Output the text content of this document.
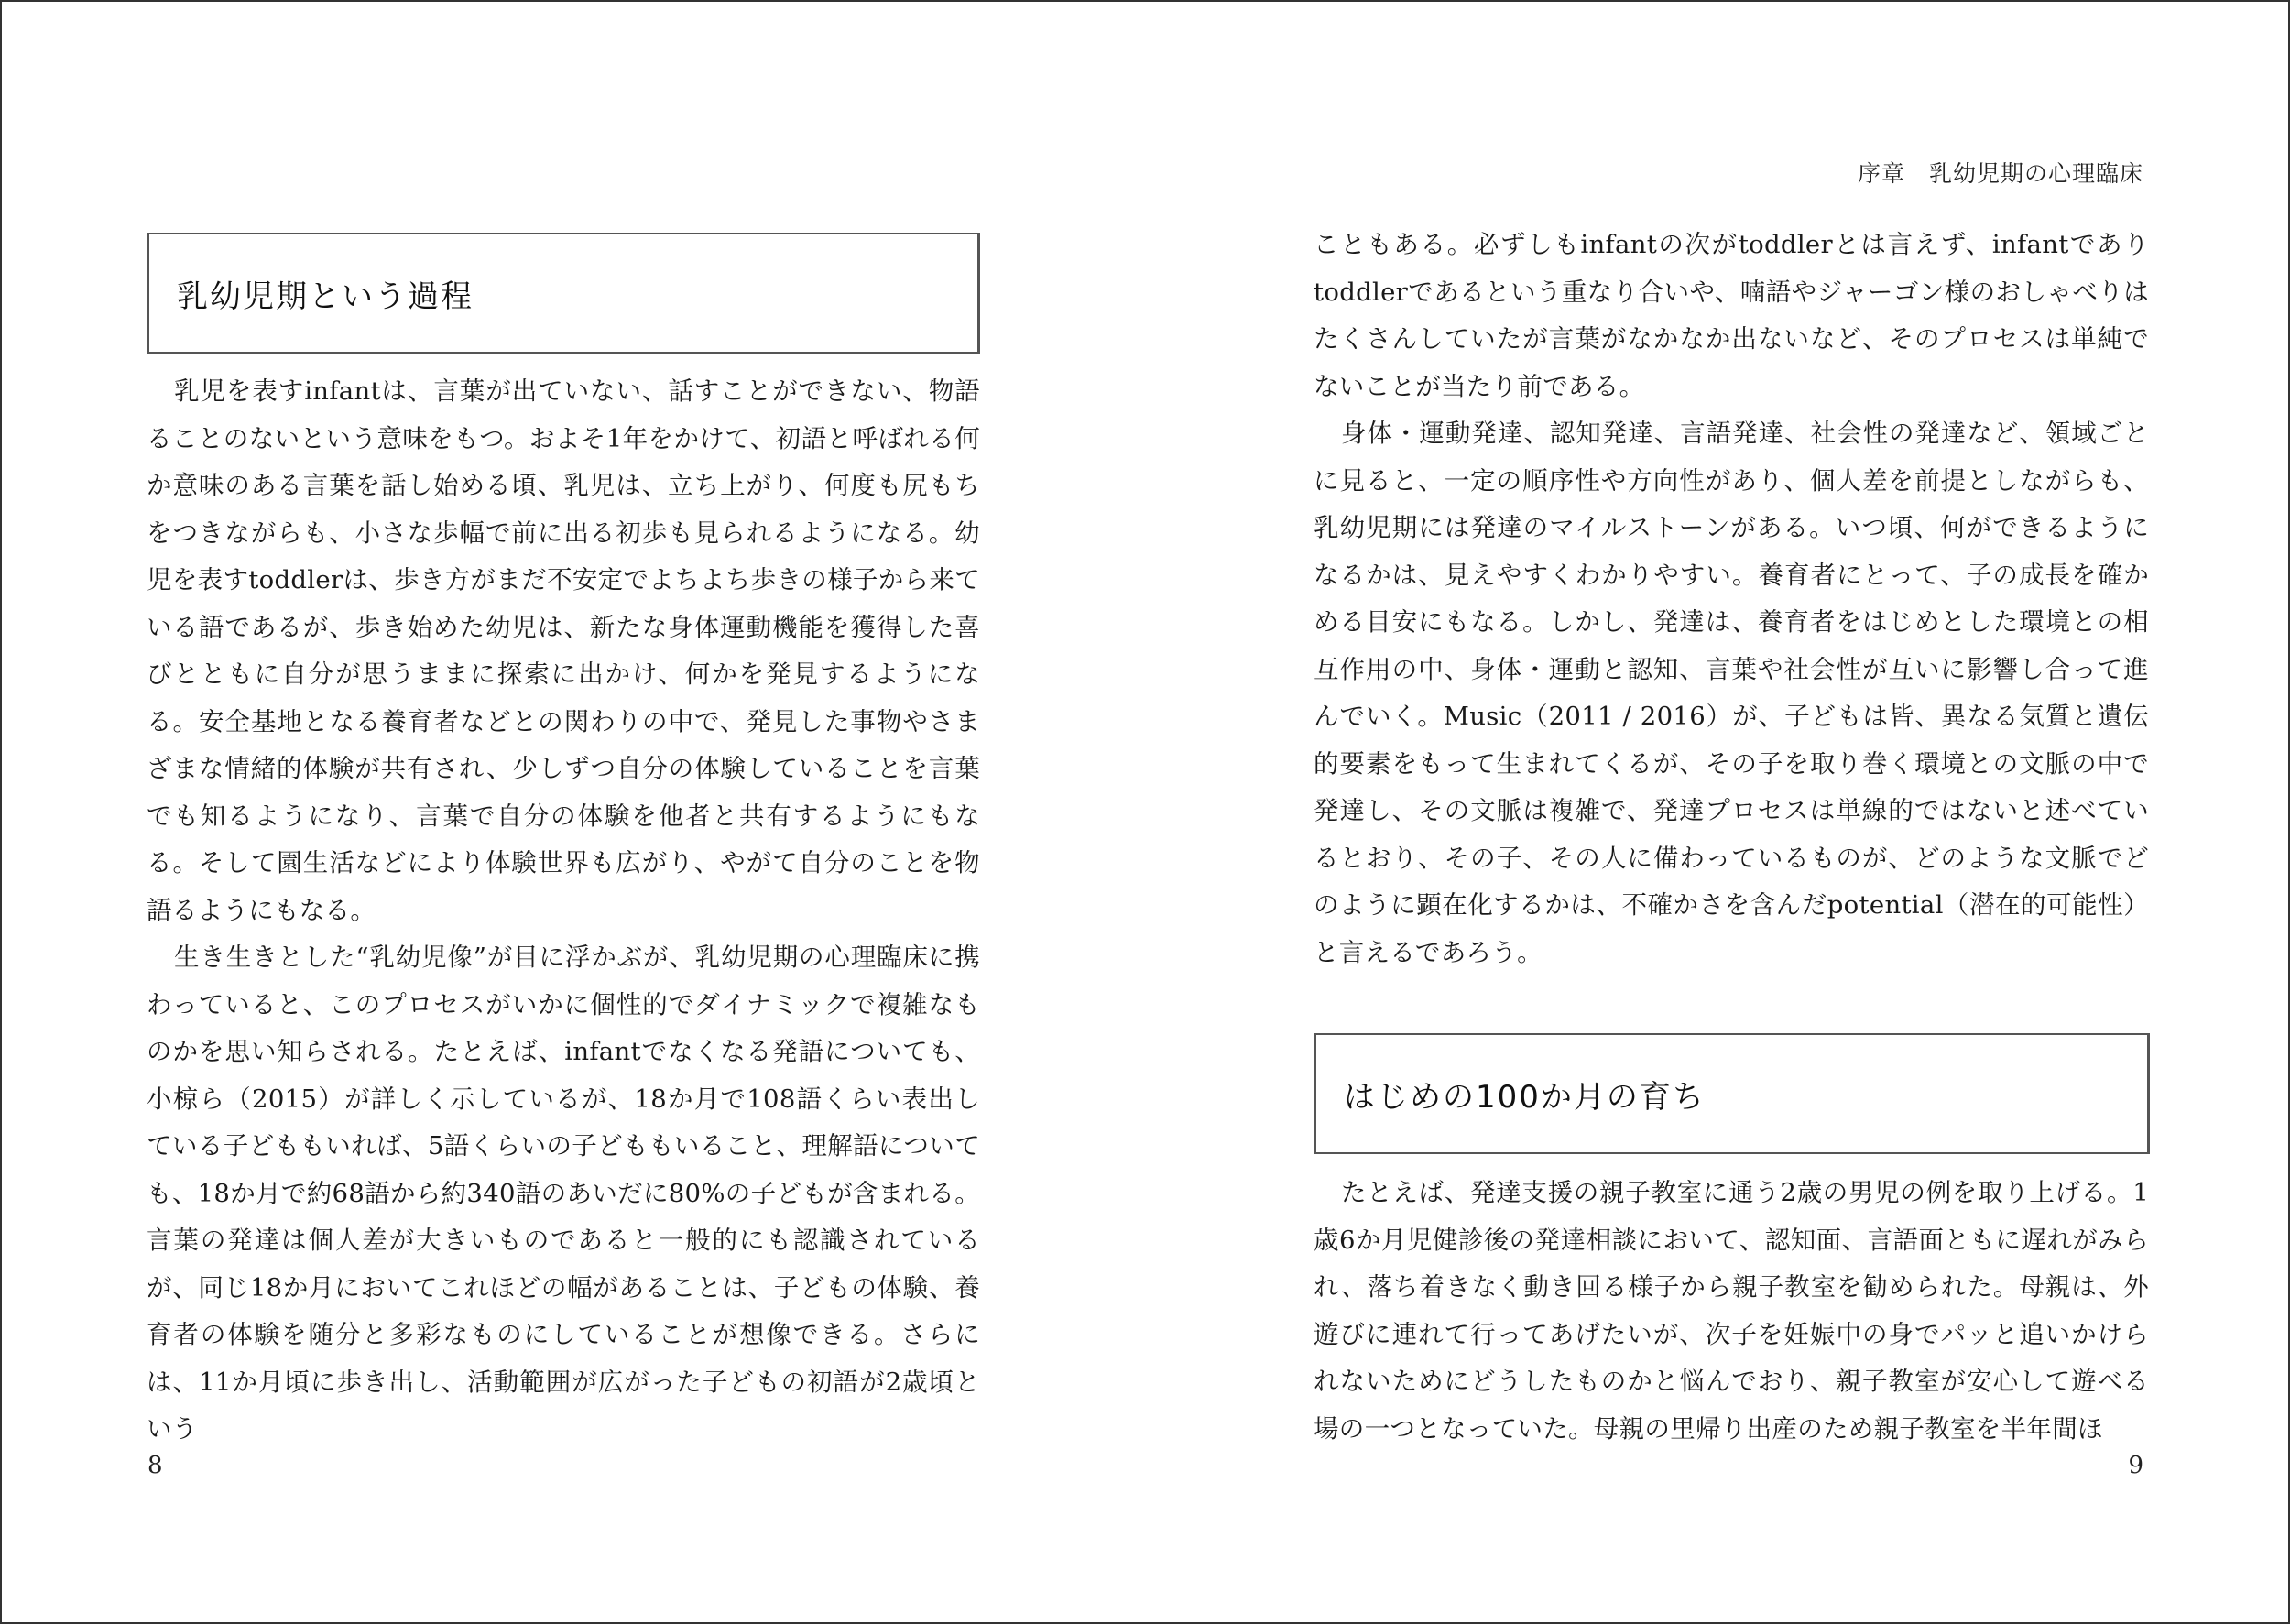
序章　乳幼児期の心理臨床
乳幼児期という過程

乳児を表すinfantは、言葉が出ていない、話すことができない、物語ることのないという意味をもつ。およそ1年をかけて、初語と呼ばれる何か意味のある言葉を話し始める頃、乳児は、立ち上がり、何度も尻もちをつきながらも、小さな歩幅で前に出る初歩も見られるようになる。幼児を表すtoddlerは、歩き方がまだ不安定でよちよち歩きの様子から来ている語であるが、歩き始めた幼児は、新たな身体運動機能を獲得した喜びとともに自分が思うままに探索に出かけ、何かを発見するようになる。安全基地となる養育者などとの関わりの中で、発見した事物やさまざまな情緒的体験が共有され、少しずつ自分の体験していることを言葉でも知るようになり、言葉で自分の体験を他者と共有するようにもなる。そして園生活などにより体験世界も広がり、やがて自分のことを物語るようにもなる。

生き生きとした“乳幼児像”が目に浮かぶが、乳幼児期の心理臨床に携わっていると、このプロセスがいかに個性的でダイナミックで複雑なものかを思い知らされる。たとえば、infantでなくなる発語についても、小椋ら（2015）が詳しく示しているが、18か月で108語くらい表出している子どももいれば、5語くらいの子どももいること、理解語についても、18か月で約68語から約340語のあいだに80%の子どもが含まれる。言葉の発達は個人差が大きいものであると一般的にも認識されているが、同じ18か月においてこれほどの幅があることは、子どもの体験、養育者の体験を随分と多彩なものにしていることが想像できる。さらには、11か月頃に歩き出し、活動範囲が広がった子どもの初語が2歳頃という

こともある。必ずしもinfantの次がtoddlerとは言えず、infantでありtoddlerであるという重なり合いや、喃語やジャーゴン様のおしゃべりはたくさんしていたが言葉がなかなか出ないなど、そのプロセスは単純でないことが当たり前である。

身体・運動発達、認知発達、言語発達、社会性の発達など、領域ごとに見ると、一定の順序性や方向性があり、個人差を前提としながらも、乳幼児期には発達のマイルストーンがある。いつ頃、何ができるようになるかは、見えやすくわかりやすい。養育者にとって、子の成長を確かめる目安にもなる。しかし、発達は、養育者をはじめとした環境との相互作用の中、身体・運動と認知、言葉や社会性が互いに影響し合って進んでいく。Music（2011 / 2016）が、子どもは皆、異なる気質と遺伝的要素をもって生まれてくるが、その子を取り巻く環境との文脈の中で発達し、その文脈は複雑で、発達プロセスは単線的ではないと述べているとおり、その子、その人に備わっているものが、どのような文脈でどのように顕在化するかは、不確かさを含んだpotential（潜在的可能性）と言えるであろう。

はじめの100か月の育ち

たとえば、発達支援の親子教室に通う2歳の男児の例を取り上げる。1歳6か月児健診後の発達相談において、認知面、言語面ともに遅れがみられ、落ち着きなく動き回る様子から親子教室を勧められた。母親は、外遊びに連れて行ってあげたいが、次子を妊娠中の身でパッと追いかけられないためにどうしたものかと悩んでおり、親子教室が安心して遊べる場の一つとなっていた。母親の里帰り出産のため親子教室を半年間ほ

8	9
